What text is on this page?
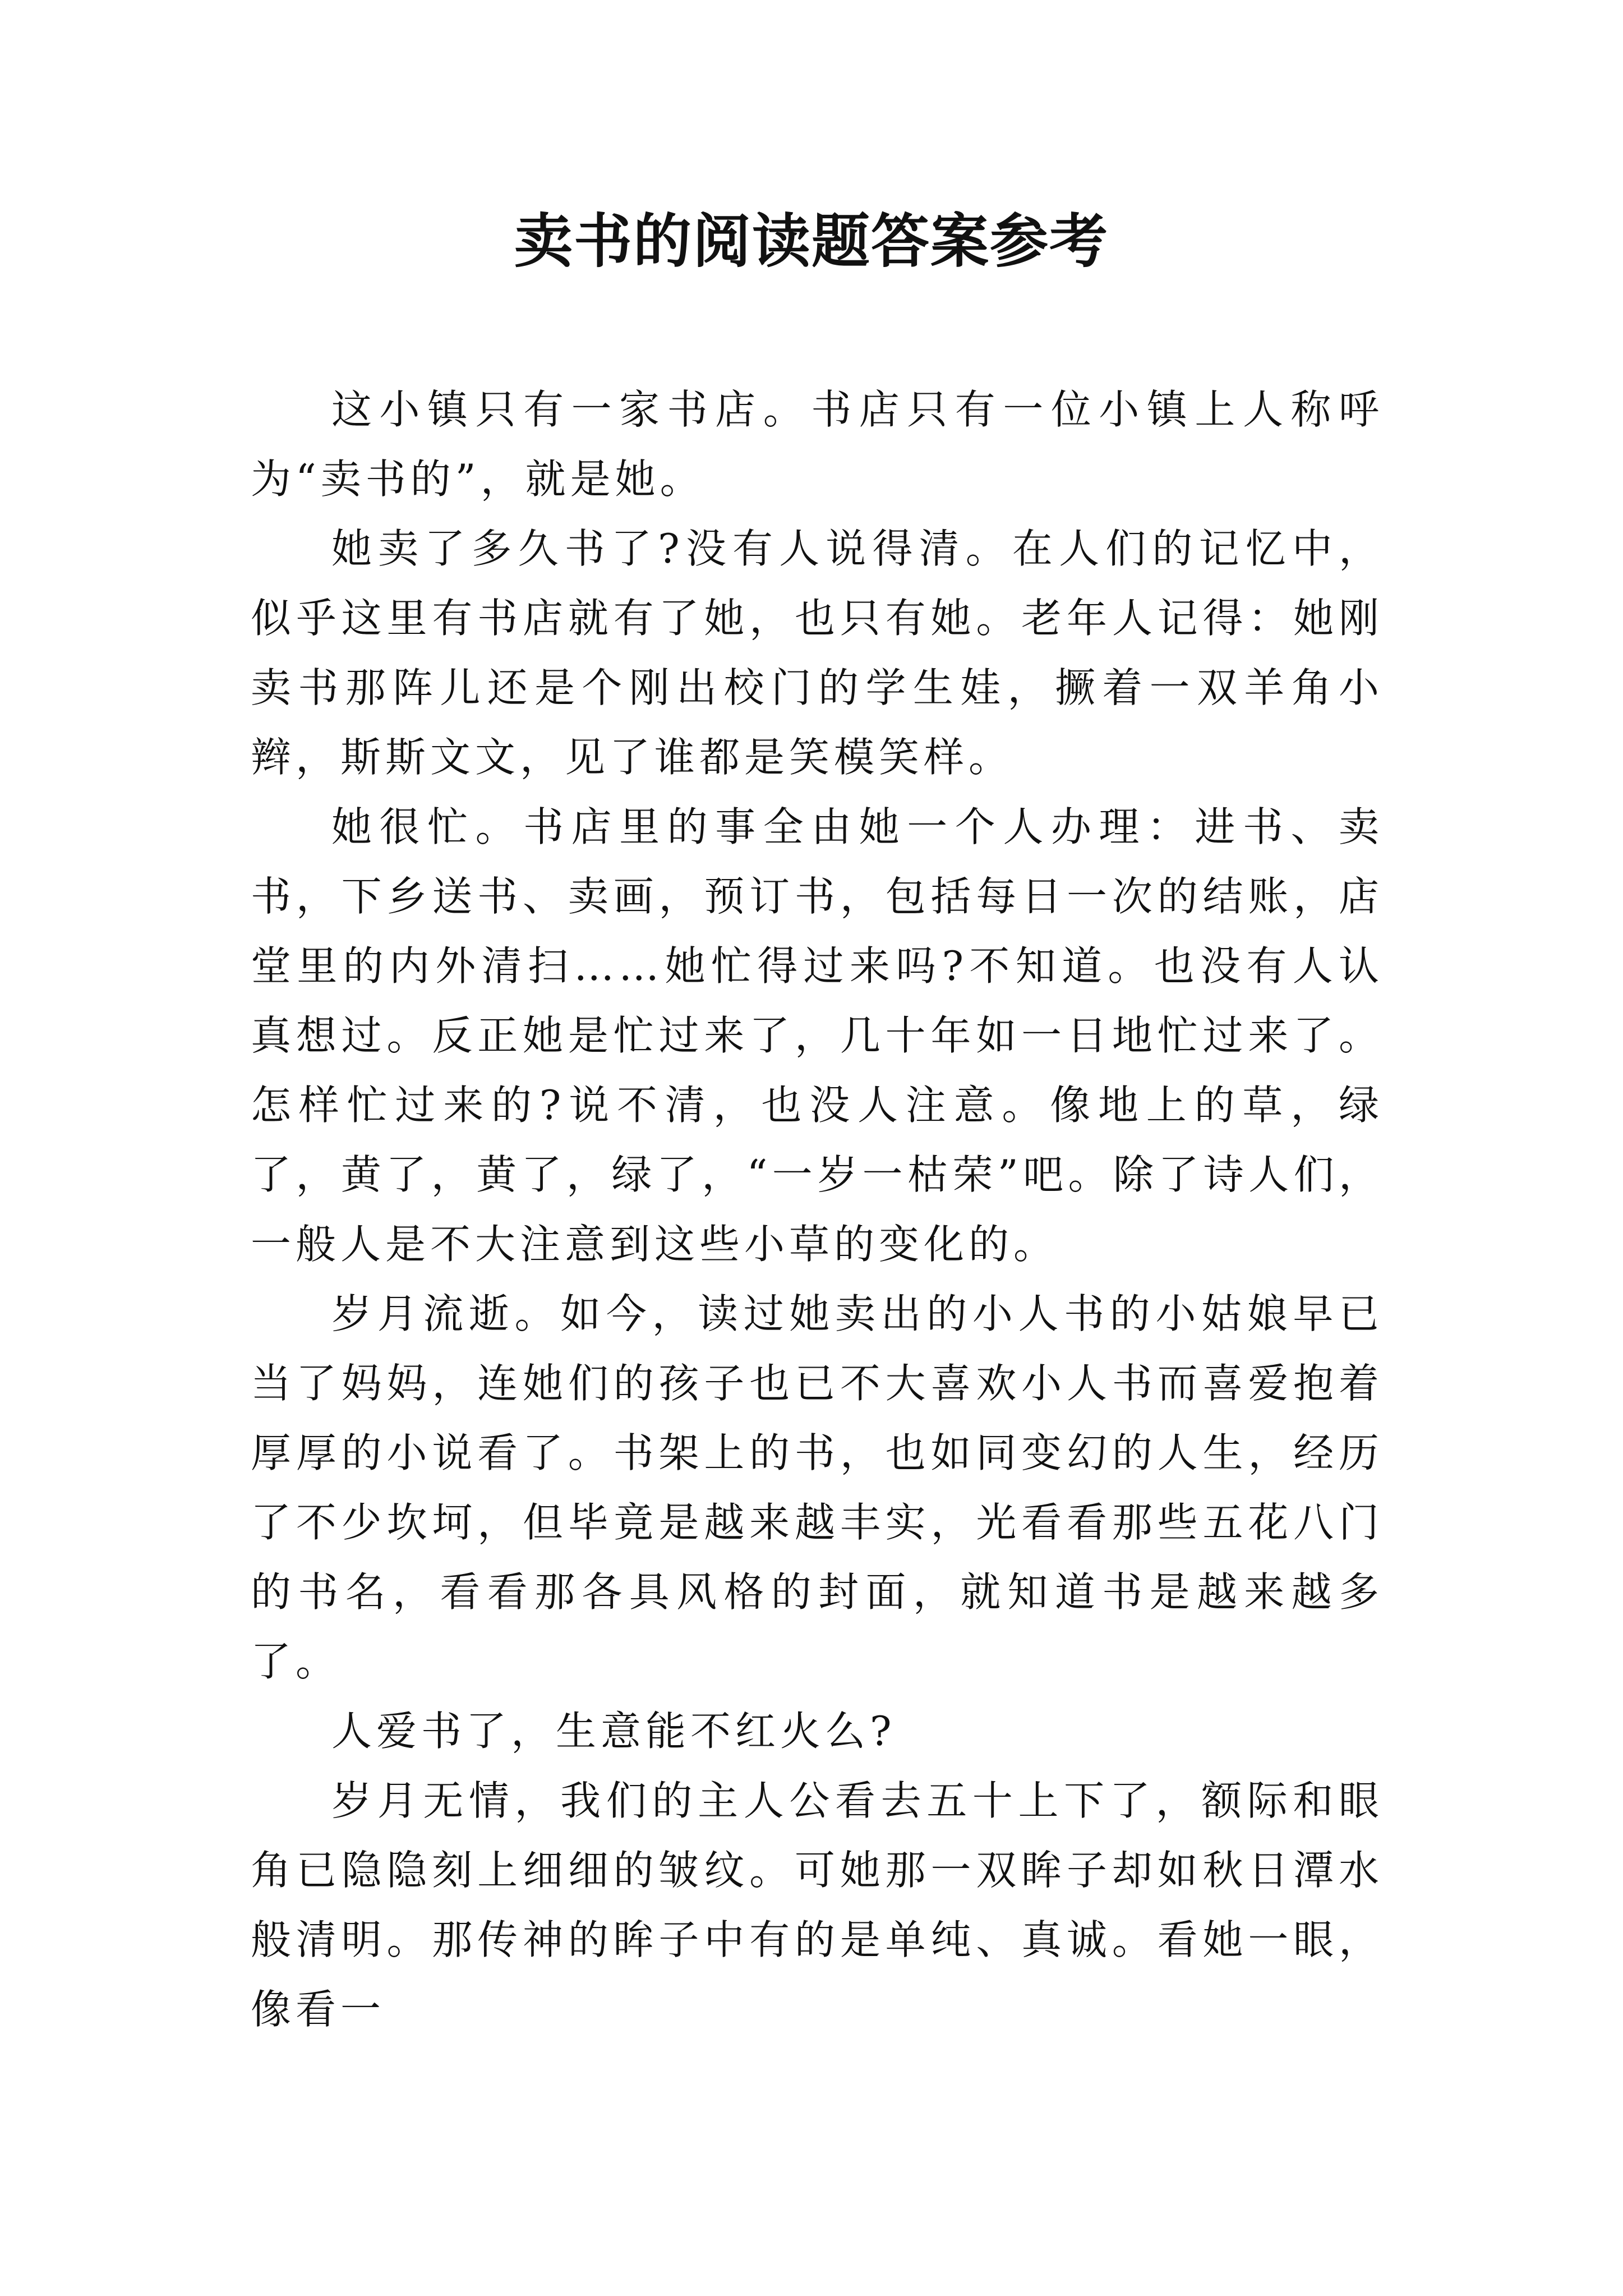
卖书的阅读题答案参考

这小镇只有一家书店。书店只有一位小镇上人称呼为“卖书的”，就是她。

她卖了多久书了?没有人说得清。在人们的记忆中，似乎这里有书店就有了她，也只有她。老年人记得：她刚卖书那阵儿还是个刚出校门的学生娃，撅着一双羊角小辫，斯斯文文，见了谁都是笑模笑样。

她很忙。书店里的事全由她一个人办理：进书、卖书，下乡送书、卖画，预订书，包括每日一次的结账，店堂里的内外清扫……她忙得过来吗?不知道。也没有人认真想过。反正她是忙过来了，几十年如一日地忙过来了。怎样忙过来的?说不清，也没人注意。像地上的草，绿了，黄了，黄了，绿了，“一岁一枯荣”吧。除了诗人们，一般人是不大注意到这些小草的变化的。

岁月流逝。如今，读过她卖出的小人书的小姑娘早已当了妈妈，连她们的孩子也已不大喜欢小人书而喜爱抱着厚厚的小说看了。书架上的书，也如同变幻的人生，经历了不少坎坷，但毕竟是越来越丰实，光看看那些五花八门的书名，看看那各具风格的封面，就知道书是越来越多了。

人爱书了，生意能不红火么?

岁月无情，我们的主人公看去五十上下了，额际和眼角已隐隐刻上细细的皱纹。可她那一双眸子却如秋日潭水般清明。那传神的眸子中有的是单纯、真诚。看她一眼，像看一
